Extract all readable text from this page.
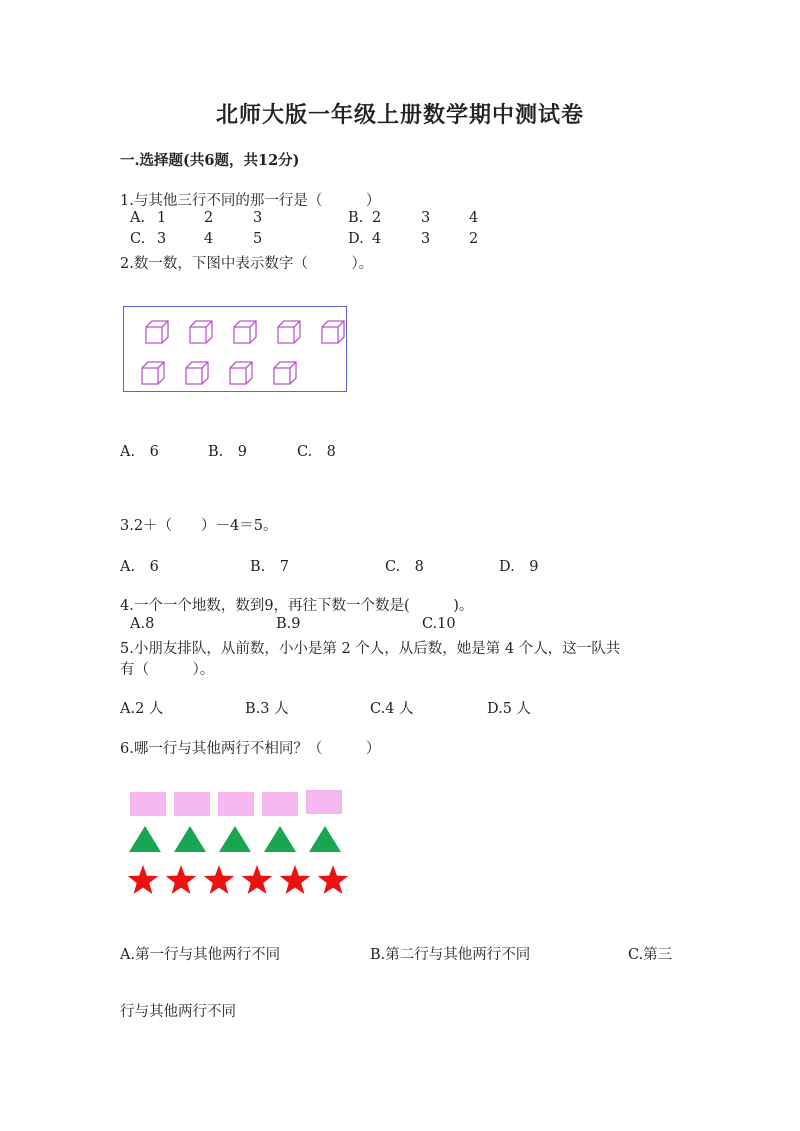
北师大版一年级上册数学期中测试卷
一.选择题(共6题，共12分)
1.与其他三行不同的那一行是（　　　）
A. 1	2	3	B. 2	3	4
C. 3	4	5	D. 4	3	2
2.数一数，下图中表示数字（　　　）。
A.　6	B.　9	C.　8
3.2＋（　　）－4＝5。
A.　6	B.　7	C.　8	D.　9
4.一个一个地数，数到9，再往下数一个数是(　　　)。
A.8	B.9	C.10
5.小朋友排队，从前数，小小是第 2 个人，从后数，她是第 4 个人，这一队共
有（　　　）。
A.2 人	B.3 人	C.4 人	D.5 人
6.哪一行与其他两行不相同？（　　　）
A.第一行与其他两行不同	B.第二行与其他两行不同	C.第三
行与其他两行不同
